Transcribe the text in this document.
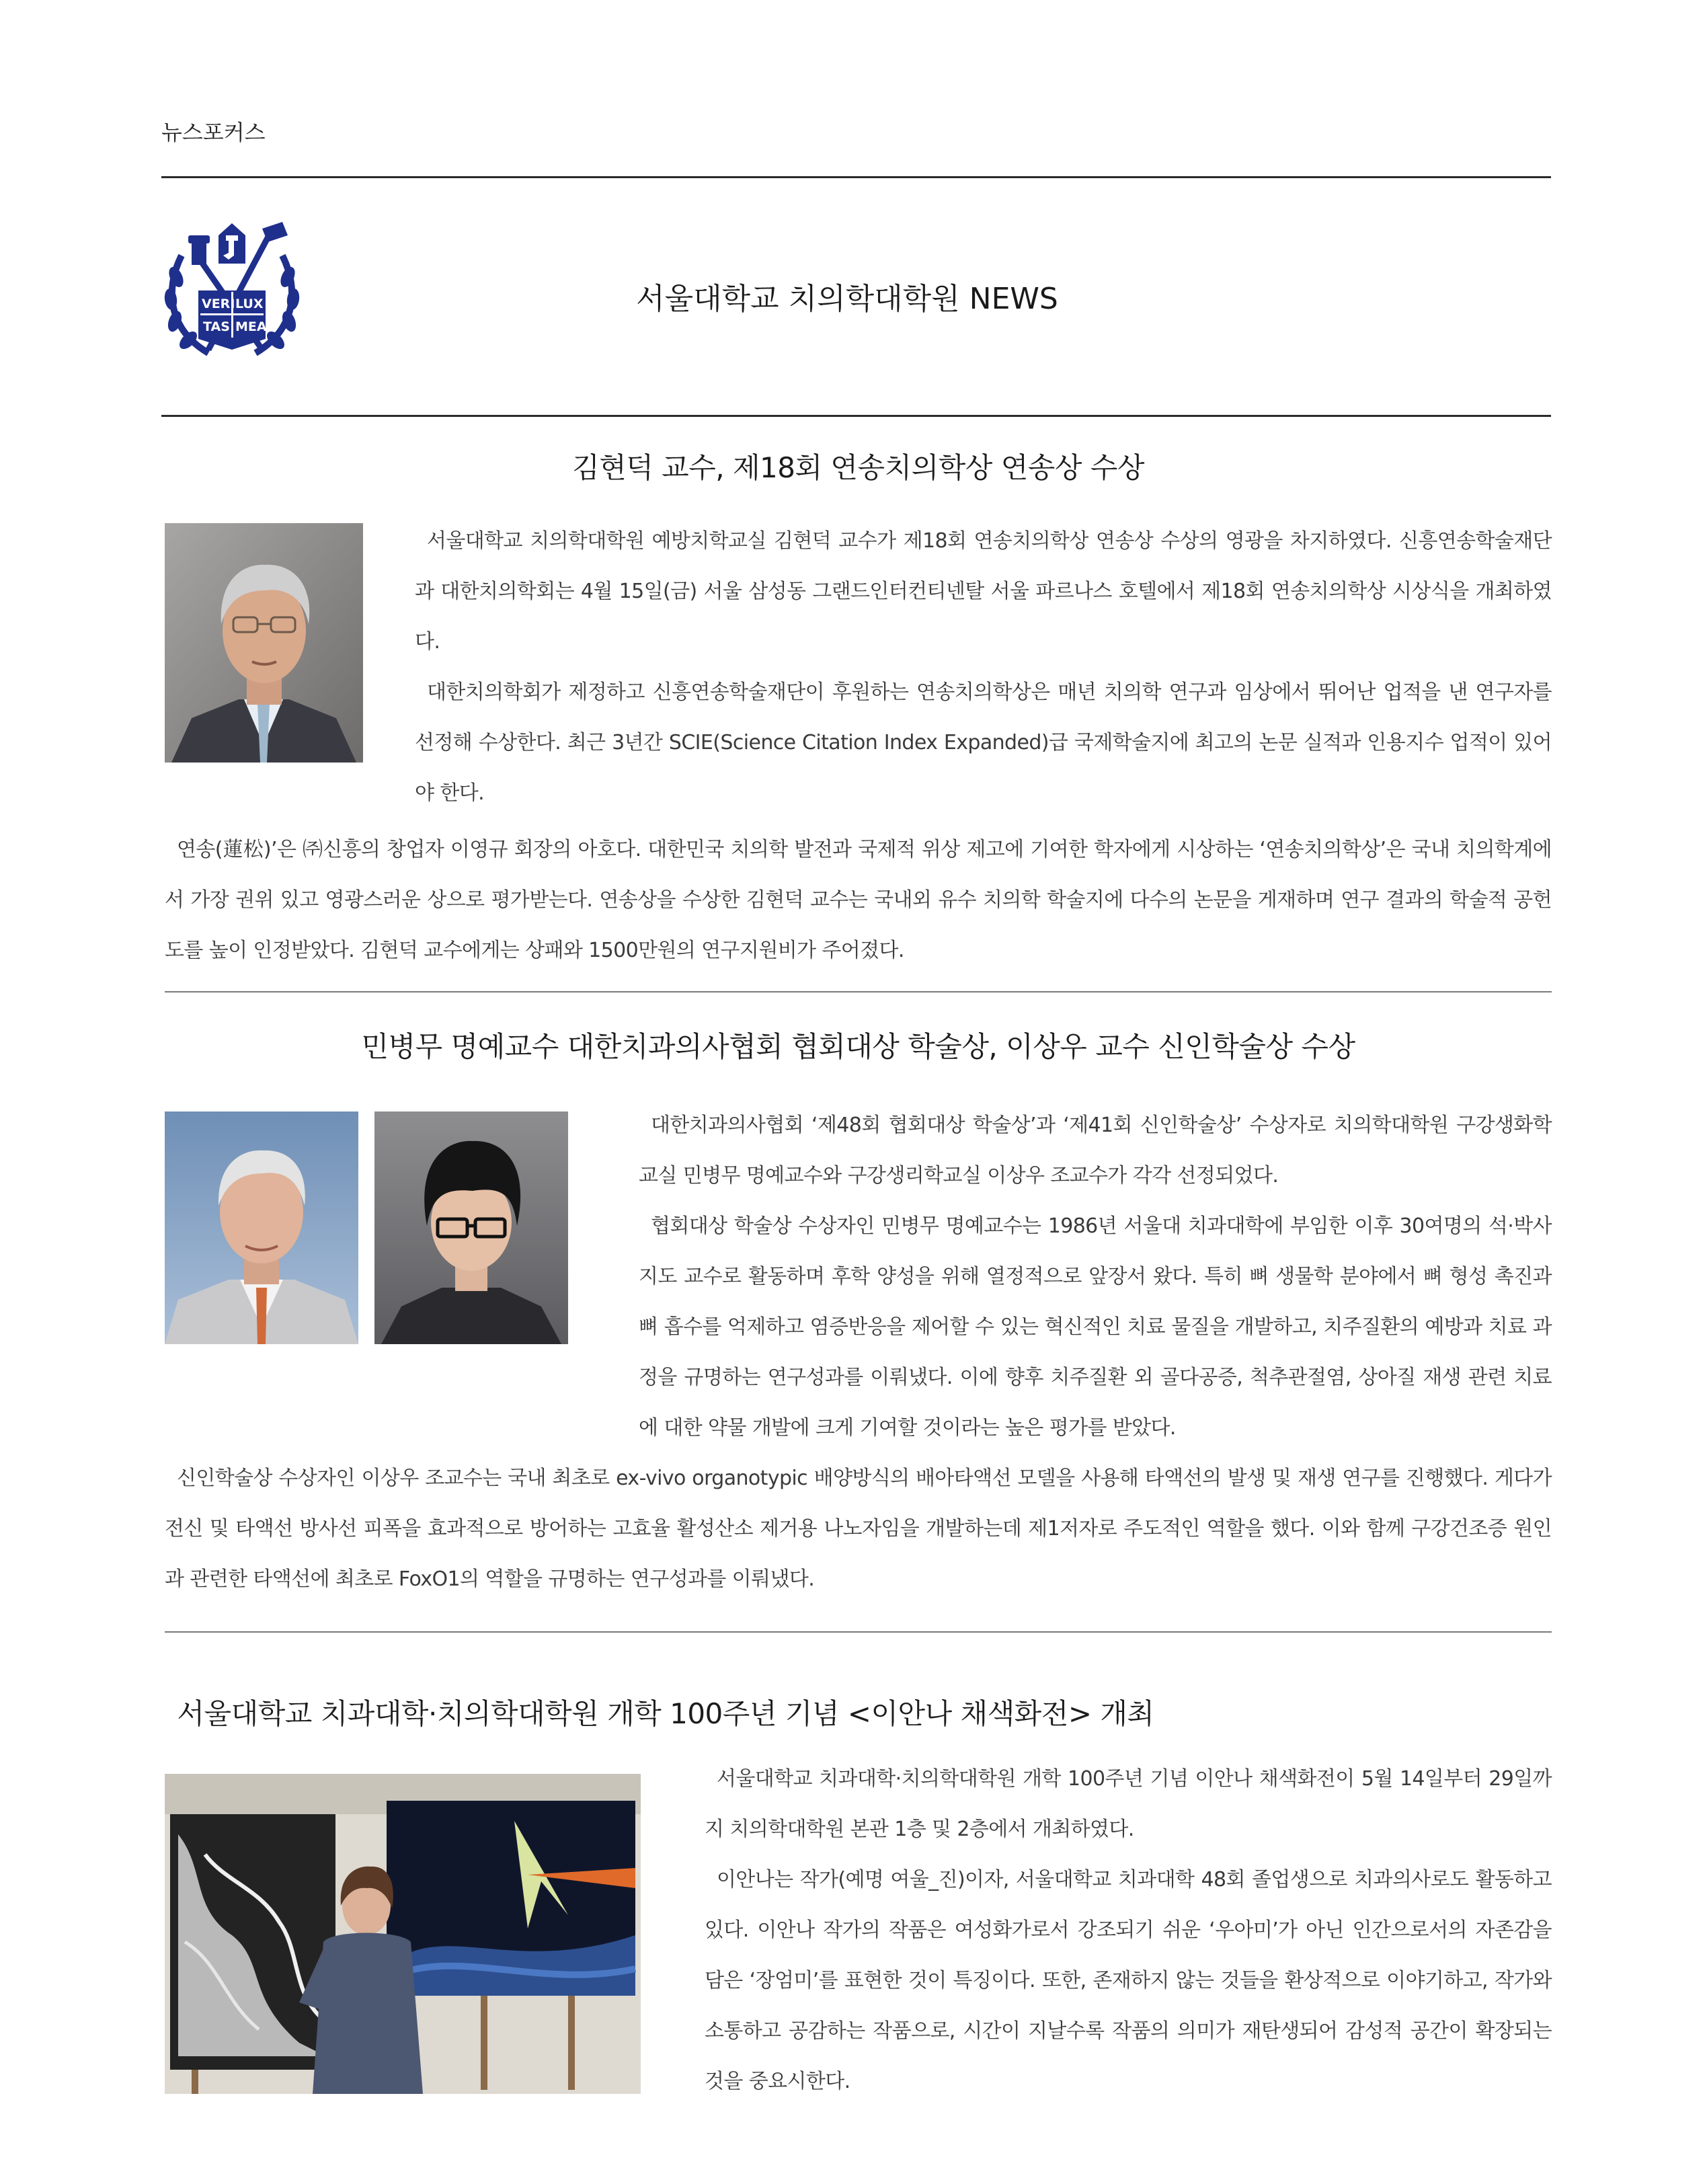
뉴스포커스
VERI LUX
TAS MEA
서울대학교 치의학대학원 NEWS
김현덕 교수, 제18회 연송치의학상 연송상 수상

서울대학교 치의학대학원 예방치학교실 김현덕 교수가 제18회 연송치의학상 연송상 수상의 영광을 차지하였다. 신흥연송학술재단과 대한치의학회는 4월 15일(금) 서울 삼성동 그랜드인터컨티넨탈 서울 파르나스 호텔에서 제18회 연송치의학상 시상식을 개최하였다.

대한치의학회가 제정하고 신흥연송학술재단이 후원하는 연송치의학상은 매년 치의학 연구과 임상에서 뛰어난 업적을 낸 연구자를 선정해 수상한다. 최근 3년간 SCIE(Science Citation Index Expanded)급 국제학술지에 최고의 논문 실적과 인용지수 업적이 있어야 한다.

연송(蓮松)’은 ㈜신흥의 창업자 이영규 회장의 아호다. 대한민국 치의학 발전과 국제적 위상 제고에 기여한 학자에게 시상하는 ‘연송치의학상’은 국내 치의학계에서 가장 권위 있고 영광스러운 상으로 평가받는다. 연송상을 수상한 김현덕 교수는 국내외 유수 치의학 학술지에 다수의 논문을 게재하며 연구 결과의 학술적 공헌도를 높이 인정받았다. 김현덕 교수에게는 상패와 1500만원의 연구지원비가 주어졌다.

민병무 명예교수 대한치과의사협회 협회대상 학술상, 이상우 교수 신인학술상 수상

대한치과의사협회 ‘제48회 협회대상 학술상’과 ‘제41회 신인학술상’ 수상자로 치의학대학원 구강생화학교실 민병무 명예교수와 구강생리학교실 이상우 조교수가 각각 선정되었다.

협회대상 학술상 수상자인 민병무 명예교수는 1986년 서울대 치과대학에 부임한 이후 30여명의 석·박사 지도 교수로 활동하며 후학 양성을 위해 열정적으로 앞장서 왔다. 특히 뼈 생물학 분야에서 뼈 형성 촉진과 뼈 흡수를 억제하고 염증반응을 제어할 수 있는 혁신적인 치료 물질을 개발하고, 치주질환의 예방과 치료 과정을 규명하는 연구성과를 이뤄냈다. 이에 향후 치주질환 외 골다공증, 척추관절염, 상아질 재생 관련 치료에 대한 약물 개발에 크게 기여할 것이라는 높은 평가를 받았다.

신인학술상 수상자인 이상우 조교수는 국내 최초로 ex-vivo organotypic 배양방식의 배아타액선 모델을 사용해 타액선의 발생 및 재생 연구를 진행했다. 게다가 전신 및 타액선 방사선 피폭을 효과적으로 방어하는 고효율 활성산소 제거용 나노자임을 개발하는데 제1저자로 주도적인 역할을 했다. 이와 함께 구강건조증 원인과 관련한 타액선에 최초로 FoxO1의 역할을 규명하는 연구성과를 이뤄냈다.

서울대학교 치과대학·치의학대학원 개학 100주년 기념 <이안나 채색화전> 개최

서울대학교 치과대학·치의학대학원 개학 100주년 기념 이안나 채색화전이 5월 14일부터 29일까지 치의학대학원 본관 1층 및 2층에서 개최하였다.

이안나는 작가(예명 여울_진)이자, 서울대학교 치과대학 48회 졸업생으로 치과의사로도 활동하고 있다. 이안나 작가의 작품은 여성화가로서 강조되기 쉬운 ‘우아미’가 아닌 인간으로서의 자존감을 담은 ‘장엄미’를 표현한 것이 특징이다. 또한, 존재하지 않는 것들을 환상적으로 이야기하고, 작가와 소통하고 공감하는 작품으로, 시간이 지날수록 작품의 의미가 재탄생되어 감성적 공간이 확장되는 것을 중요시한다.
